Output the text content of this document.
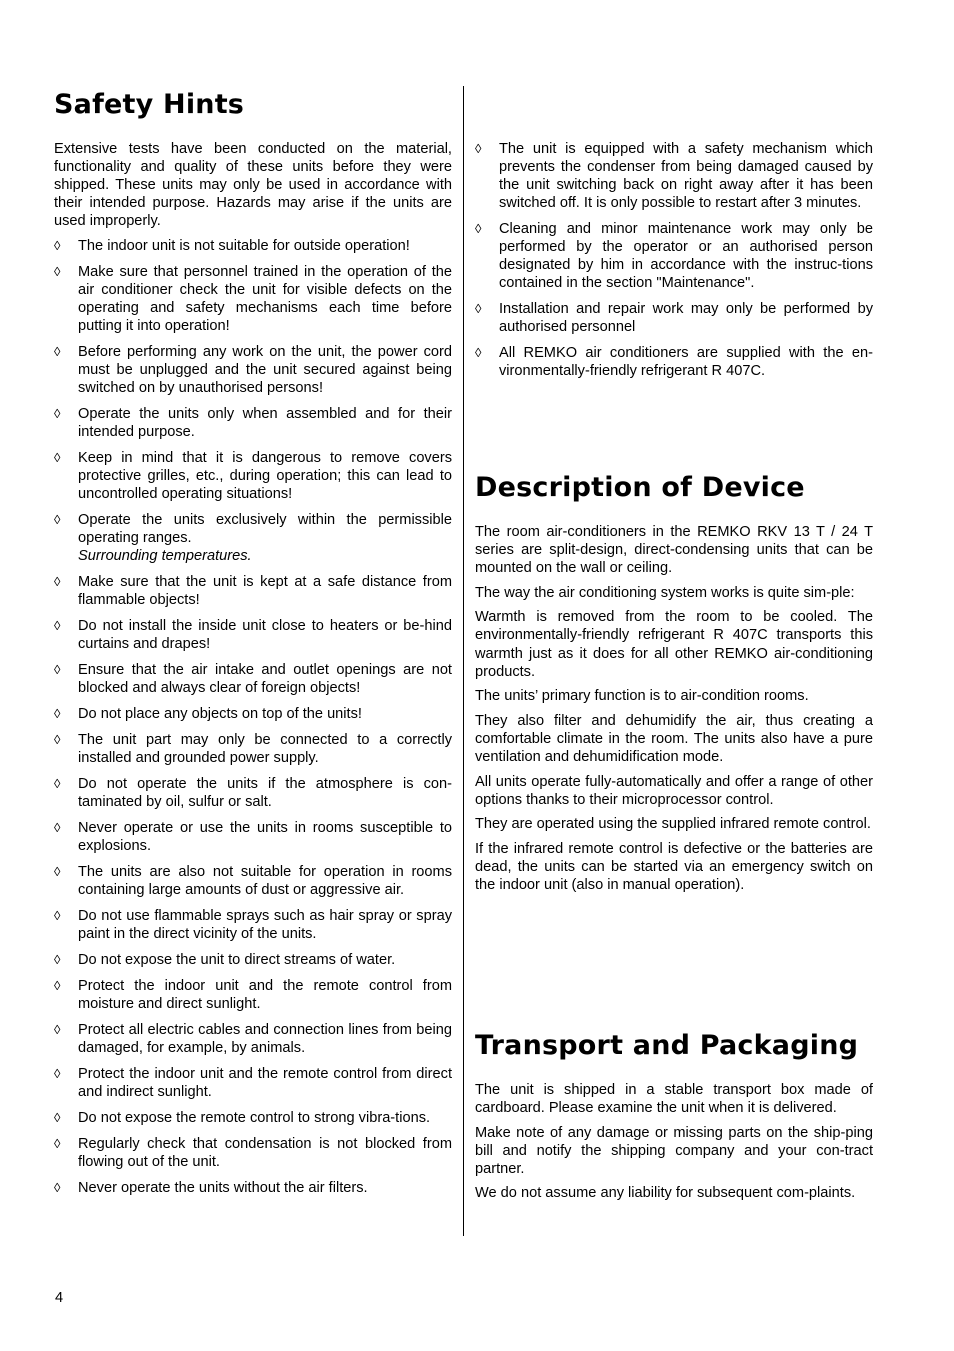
Safety Hints

Extensive tests have been conducted on the material, functionality and quality of these units before they were shipped. These units may only be used in accordance with their intended purpose. Hazards may arise if the units are used improperly.

◊ The indoor unit is not suitable for outside operation!
◊ Make sure that personnel trained in the operation of the air conditioner check the unit for visible defects on the operating and safety mechanisms each time before putting it into operation!
◊ Before performing any work on the unit, the power cord must be unplugged and the unit secured against being switched on by unauthorised persons!
◊ Operate the units only when assembled and for their intended purpose.
◊ Keep in mind that it is dangerous to remove covers protective grilles, etc., during operation; this can lead to uncontrolled operating situations!
◊ Operate the units exclusively within the permissible operating ranges.
Surrounding temperatures.
◊ Make sure that the unit is kept at a safe distance from flammable objects!
◊ Do not install the inside unit close to heaters or be-hind curtains and drapes!
◊ Ensure that the air intake and outlet openings are not blocked and always clear of foreign objects!
◊ Do not place any objects on top of the units!
◊ The unit part may only be connected to a correctly installed and grounded power supply.
◊ Do not operate the units if the atmosphere is con-taminated by oil, sulfur or salt.
◊ Never operate or use the units in rooms susceptible to explosions.
◊ The units are also not suitable for operation in rooms containing large amounts of dust or aggressive air.
◊ Do not use flammable sprays such as hair spray or spray paint in the direct vicinity of the units.
◊ Do not expose the unit to direct streams of water.
◊ Protect the indoor unit and the remote control from moisture and direct sunlight.
◊ Protect all electric cables and connection lines from being damaged, for example, by animals.
◊ Protect the indoor unit and the remote control from direct and indirect sunlight.
◊ Do not expose the remote control to strong vibra-tions.
◊ Regularly check that condensation is not blocked from flowing out of the unit.
◊ Never operate the units without the air filters.
◊ The unit is equipped with a safety mechanism which prevents the condenser from being damaged caused by the unit switching back on right away after it has been switched off. It is only possible to restart after 3 minutes.
◊ Cleaning and minor maintenance work may only be performed by the operator or an authorised person designated by him in accordance with the instruc-tions contained in the section "Maintenance".
◊ Installation and repair work may only be performed by authorised personnel
◊ All REMKO air conditioners are supplied with the en-vironmentally-friendly refrigerant R 407C.
Description of Device

The room air-conditioners in the REMKO RKV 13 T / 24 T series are split-design, direct-condensing units that can be mounted on the wall or ceiling.

The way the air conditioning system works is quite sim-ple:

Warmth is removed from the room to be cooled. The environmentally-friendly refrigerant R 407C transports this warmth just as it does for all other REMKO air-conditioning products.

The units’ primary function is to air-condition rooms.

They also filter and dehumidify the air, thus creating a comfortable climate in the room. The units also have a pure ventilation and dehumidification mode.

All units operate fully-automatically and offer a range of other options thanks to their microprocessor control.

They are operated using the supplied infrared remote control.

If the infrared remote control is defective or the batteries are dead, the units can be started via an emergency switch on the indoor unit (also in manual operation).

Transport and Packaging

The unit is shipped in a stable transport box made of cardboard. Please examine the unit when it is delivered.

Make note of any damage or missing parts on the ship-ping bill and notify the shipping company and your con-tract partner.

We do not assume any liability for subsequent com-plaints.

4
